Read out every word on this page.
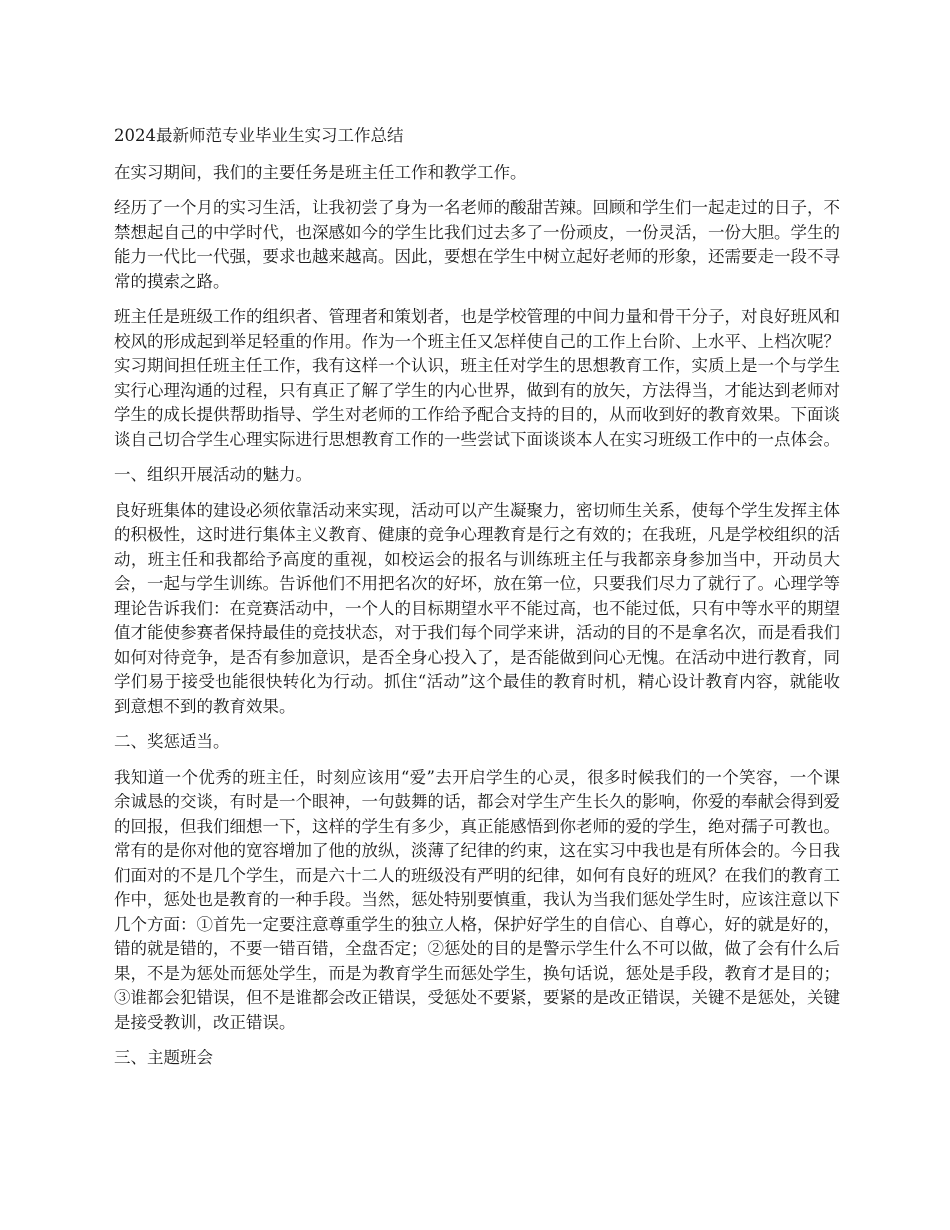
2024最新师范专业毕业生实习工作总结

在实习期间，我们的主要任务是班主任工作和教学工作。

经历了一个月的实习生活，让我初尝了身为一名老师的酸甜苦辣。回顾和学生们一起走过的日子，不禁想起自己的中学时代，也深感如今的学生比我们过去多了一份顽皮，一份灵活，一份大胆。学生的能力一代比一代强，要求也越来越高。因此，要想在学生中树立起好老师的形象，还需要走一段不寻常的摸索之路。

班主任是班级工作的组织者、管理者和策划者，也是学校管理的中间力量和骨干分子，对良好班风和校风的形成起到举足轻重的作用。作为一个班主任又怎样使自己的工作上台阶、上水平、上档次呢？实习期间担任班主任工作，我有这样一个认识，班主任对学生的思想教育工作，实质上是一个与学生实行心理沟通的过程，只有真正了解了学生的内心世界，做到有的放矢，方法得当，才能达到老师对学生的成长提供帮助指导、学生对老师的工作给予配合支持的目的，从而收到好的教育效果。下面谈谈自己切合学生心理实际进行思想教育工作的一些尝试下面谈谈本人在实习班级工作中的一点体会。

一、组织开展活动的魅力。

良好班集体的建设必须依靠活动来实现，活动可以产生凝聚力，密切师生关系，使每个学生发挥主体的积极性，这时进行集体主义教育、健康的竞争心理教育是行之有效的；在我班，凡是学校组织的活动，班主任和我都给予高度的重视，如校运会的报名与训练班主任与我都亲身参加当中，开动员大会，一起与学生训练。告诉他们不用把名次的好坏，放在第一位，只要我们尽力了就行了。心理学等理论告诉我们：在竞赛活动中，一个人的目标期望水平不能过高，也不能过低，只有中等水平的期望值才能使参赛者保持最佳的竞技状态，对于我们每个同学来讲，活动的目的不是拿名次，而是看我们如何对待竞争，是否有参加意识，是否全身心投入了，是否能做到问心无愧。在活动中进行教育，同学们易于接受也能很快转化为行动。抓住“活动”这个最佳的教育时机，精心设计教育内容，就能收到意想不到的教育效果。

二、奖惩适当。

我知道一个优秀的班主任，时刻应该用“爱”去开启学生的心灵，很多时候我们的一个笑容，一个课余诚恳的交谈，有时是一个眼神，一句鼓舞的话，都会对学生产生长久的影响，你爱的奉献会得到爱的回报，但我们细想一下，这样的学生有多少，真正能感悟到你老师的爱的学生，绝对孺子可教也。常有的是你对他的宽容增加了他的放纵，淡薄了纪律的约束，这在实习中我也是有所体会的。今日我们面对的不是几个学生，而是六十二人的班级没有严明的纪律，如何有良好的班风？在我们的教育工作中，惩处也是教育的一种手段。当然，惩处特别要慎重，我认为当我们惩处学生时，应该注意以下几个方面：①首先一定要注意尊重学生的独立人格，保护好学生的自信心、自尊心，好的就是好的，错的就是错的，不要一错百错，全盘否定；②惩处的目的是警示学生什么不可以做，做了会有什么后果，不是为惩处而惩处学生，而是为教育学生而惩处学生，换句话说，惩处是手段，教育才是目的；③谁都会犯错误，但不是谁都会改正错误，受惩处不要紧，要紧的是改正错误，关键不是惩处，关键是接受教训，改正错误。

三、主题班会
